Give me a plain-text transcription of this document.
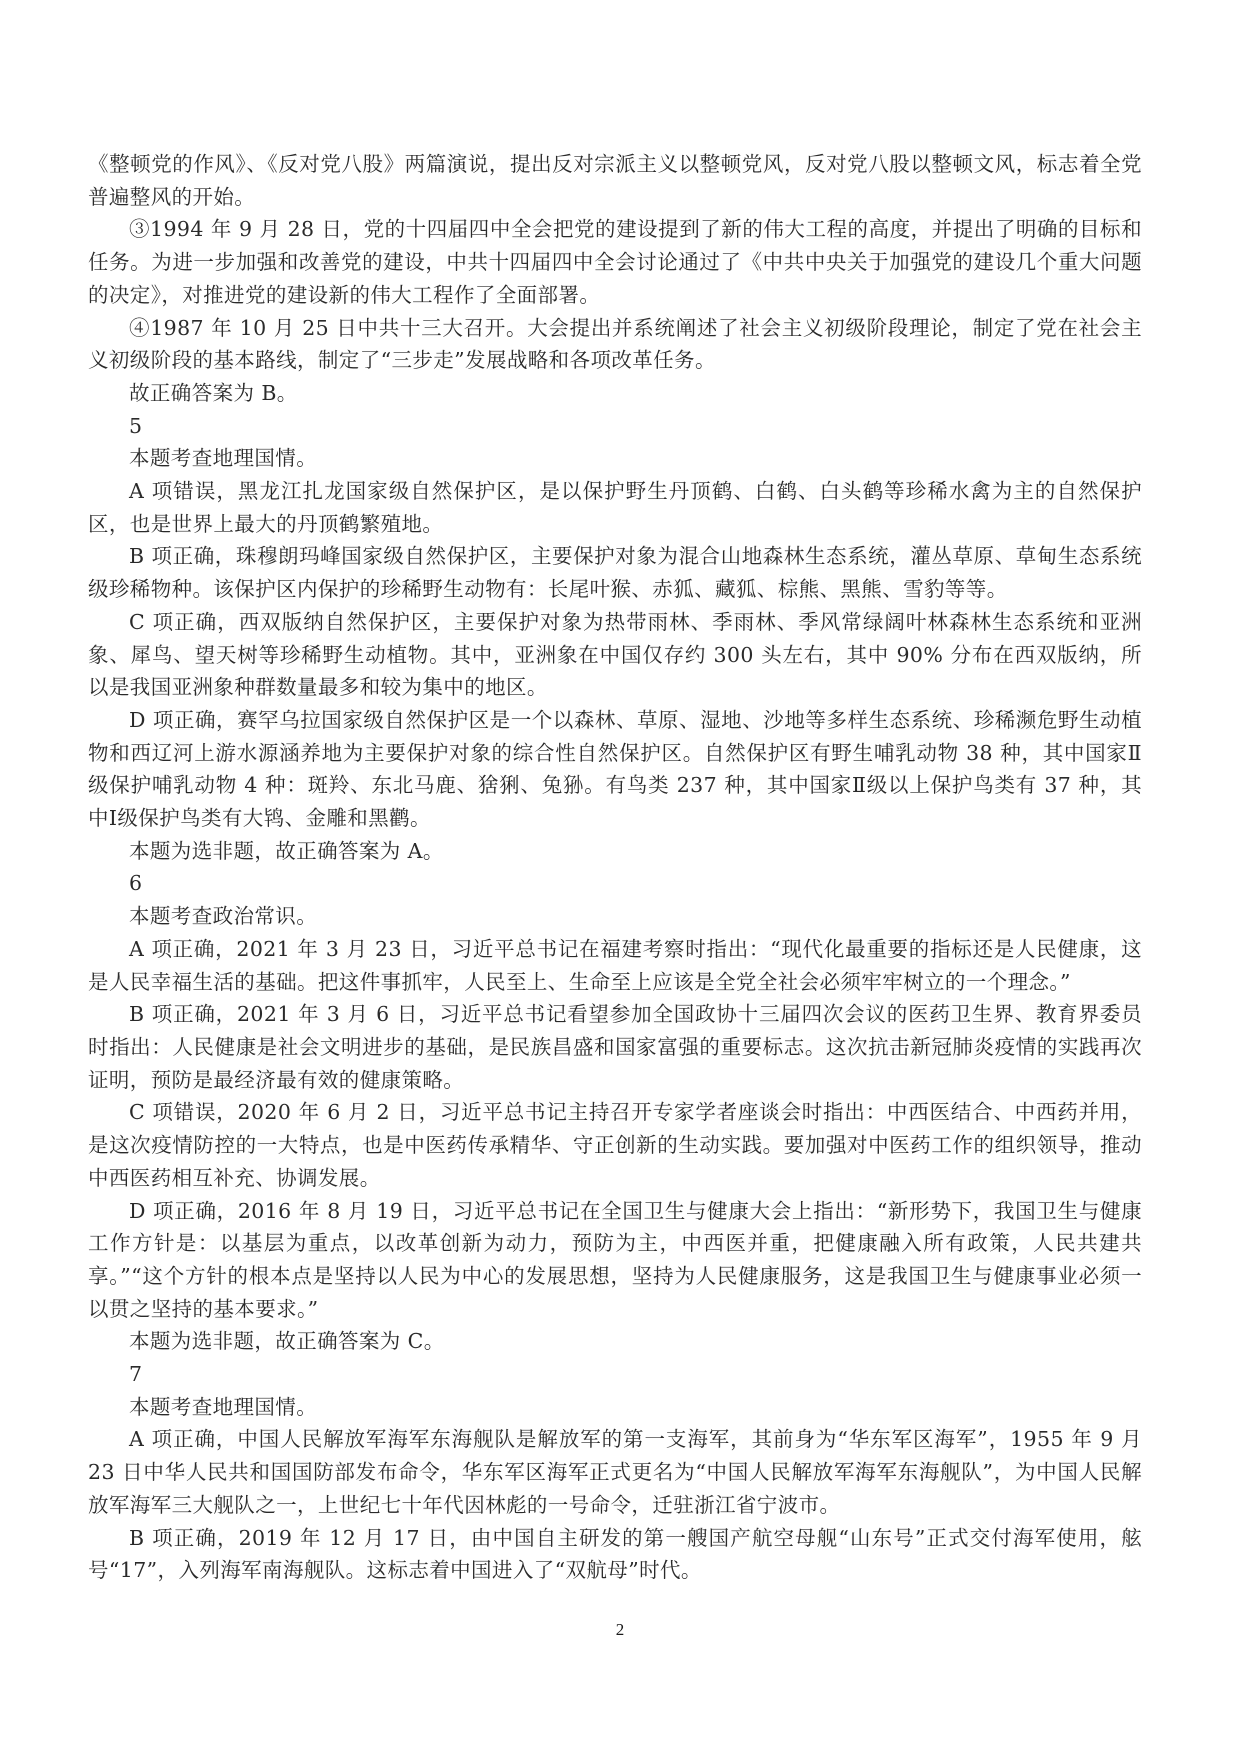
《整顿党的作风》、《反对党八股》两篇演说，提出反对宗派主义以整顿党风，反对党八股以整顿文风，标志着全党普遍整风的开始。

③1994 年 9 月 28 日，党的十四届四中全会把党的建设提到了新的伟大工程的高度，并提出了明确的目标和任务。为进一步加强和改善党的建设，中共十四届四中全会讨论通过了《中共中央关于加强党的建设几个重大问题的决定》，对推进党的建设新的伟大工程作了全面部署。

④1987 年 10 月 25 日中共十三大召开。大会提出并系统阐述了社会主义初级阶段理论，制定了党在社会主义初级阶段的基本路线，制定了“三步走”发展战略和各项改革任务。

故正确答案为 B。

5

本题考查地理国情。

A 项错误，黑龙江扎龙国家级自然保护区，是以保护野生丹顶鹤、白鹤、白头鹤等珍稀水禽为主的自然保护区，也是世界上最大的丹顶鹤繁殖地。

B 项正确，珠穆朗玛峰国家级自然保护区，主要保护对象为混合山地森林生态系统，灌丛草原、草甸生态系统级珍稀物种。该保护区内保护的珍稀野生动物有：长尾叶猴、赤狐、藏狐、棕熊、黑熊、雪豹等等。

C 项正确，西双版纳自然保护区，主要保护对象为热带雨林、季雨林、季风常绿阔叶林森林生态系统和亚洲象、犀鸟、望天树等珍稀野生动植物。其中，亚洲象在中国仅存约 300 头左右，其中 90% 分布在西双版纳，所以是我国亚洲象种群数量最多和较为集中的地区。

D 项正确，赛罕乌拉国家级自然保护区是一个以森林、草原、湿地、沙地等多样生态系统、珍稀濒危野生动植物和西辽河上游水源涵养地为主要保护对象的综合性自然保护区。自然保护区有野生哺乳动物 38 种，其中国家Ⅱ级保护哺乳动物 4 种：斑羚、东北马鹿、猞猁、兔狲。有鸟类 237 种，其中国家Ⅱ级以上保护鸟类有 37 种，其中Ⅰ级保护鸟类有大鸨、金雕和黑鹳。

本题为选非题，故正确答案为 A。

6

本题考查政治常识。

A 项正确，2021 年 3 月 23 日，习近平总书记在福建考察时指出：“现代化最重要的指标还是人民健康，这是人民幸福生活的基础。把这件事抓牢，人民至上、生命至上应该是全党全社会必须牢牢树立的一个理念。”

B 项正确，2021 年 3 月 6 日，习近平总书记看望参加全国政协十三届四次会议的医药卫生界、教育界委员时指出：人民健康是社会文明进步的基础，是民族昌盛和国家富强的重要标志。这次抗击新冠肺炎疫情的实践再次证明，预防是最经济最有效的健康策略。

C 项错误，2020 年 6 月 2 日，习近平总书记主持召开专家学者座谈会时指出：中西医结合、中西药并用，是这次疫情防控的一大特点，也是中医药传承精华、守正创新的生动实践。要加强对中医药工作的组织领导，推动中西医药相互补充、协调发展。

D 项正确，2016 年 8 月 19 日，习近平总书记在全国卫生与健康大会上指出：“新形势下，我国卫生与健康工作方针是：以基层为重点，以改革创新为动力，预防为主，中西医并重，把健康融入所有政策，人民共建共享。”“这个方针的根本点是坚持以人民为中心的发展思想，坚持为人民健康服务，这是我国卫生与健康事业必须一以贯之坚持的基本要求。”

本题为选非题，故正确答案为 C。

7

本题考查地理国情。

A 项正确，中国人民解放军海军东海舰队是解放军的第一支海军，其前身为“华东军区海军”，1955 年 9 月 23 日中华人民共和国国防部发布命令，华东军区海军正式更名为“中国人民解放军海军东海舰队”，为中国人民解放军海军三大舰队之一，上世纪七十年代因林彪的一号命令，迁驻浙江省宁波市。

B 项正确，2019 年 12 月 17 日，由中国自主研发的第一艘国产航空母舰“山东号”正式交付海军使用，舷号“17”，入列海军南海舰队。这标志着中国进入了“双航母”时代。

2
